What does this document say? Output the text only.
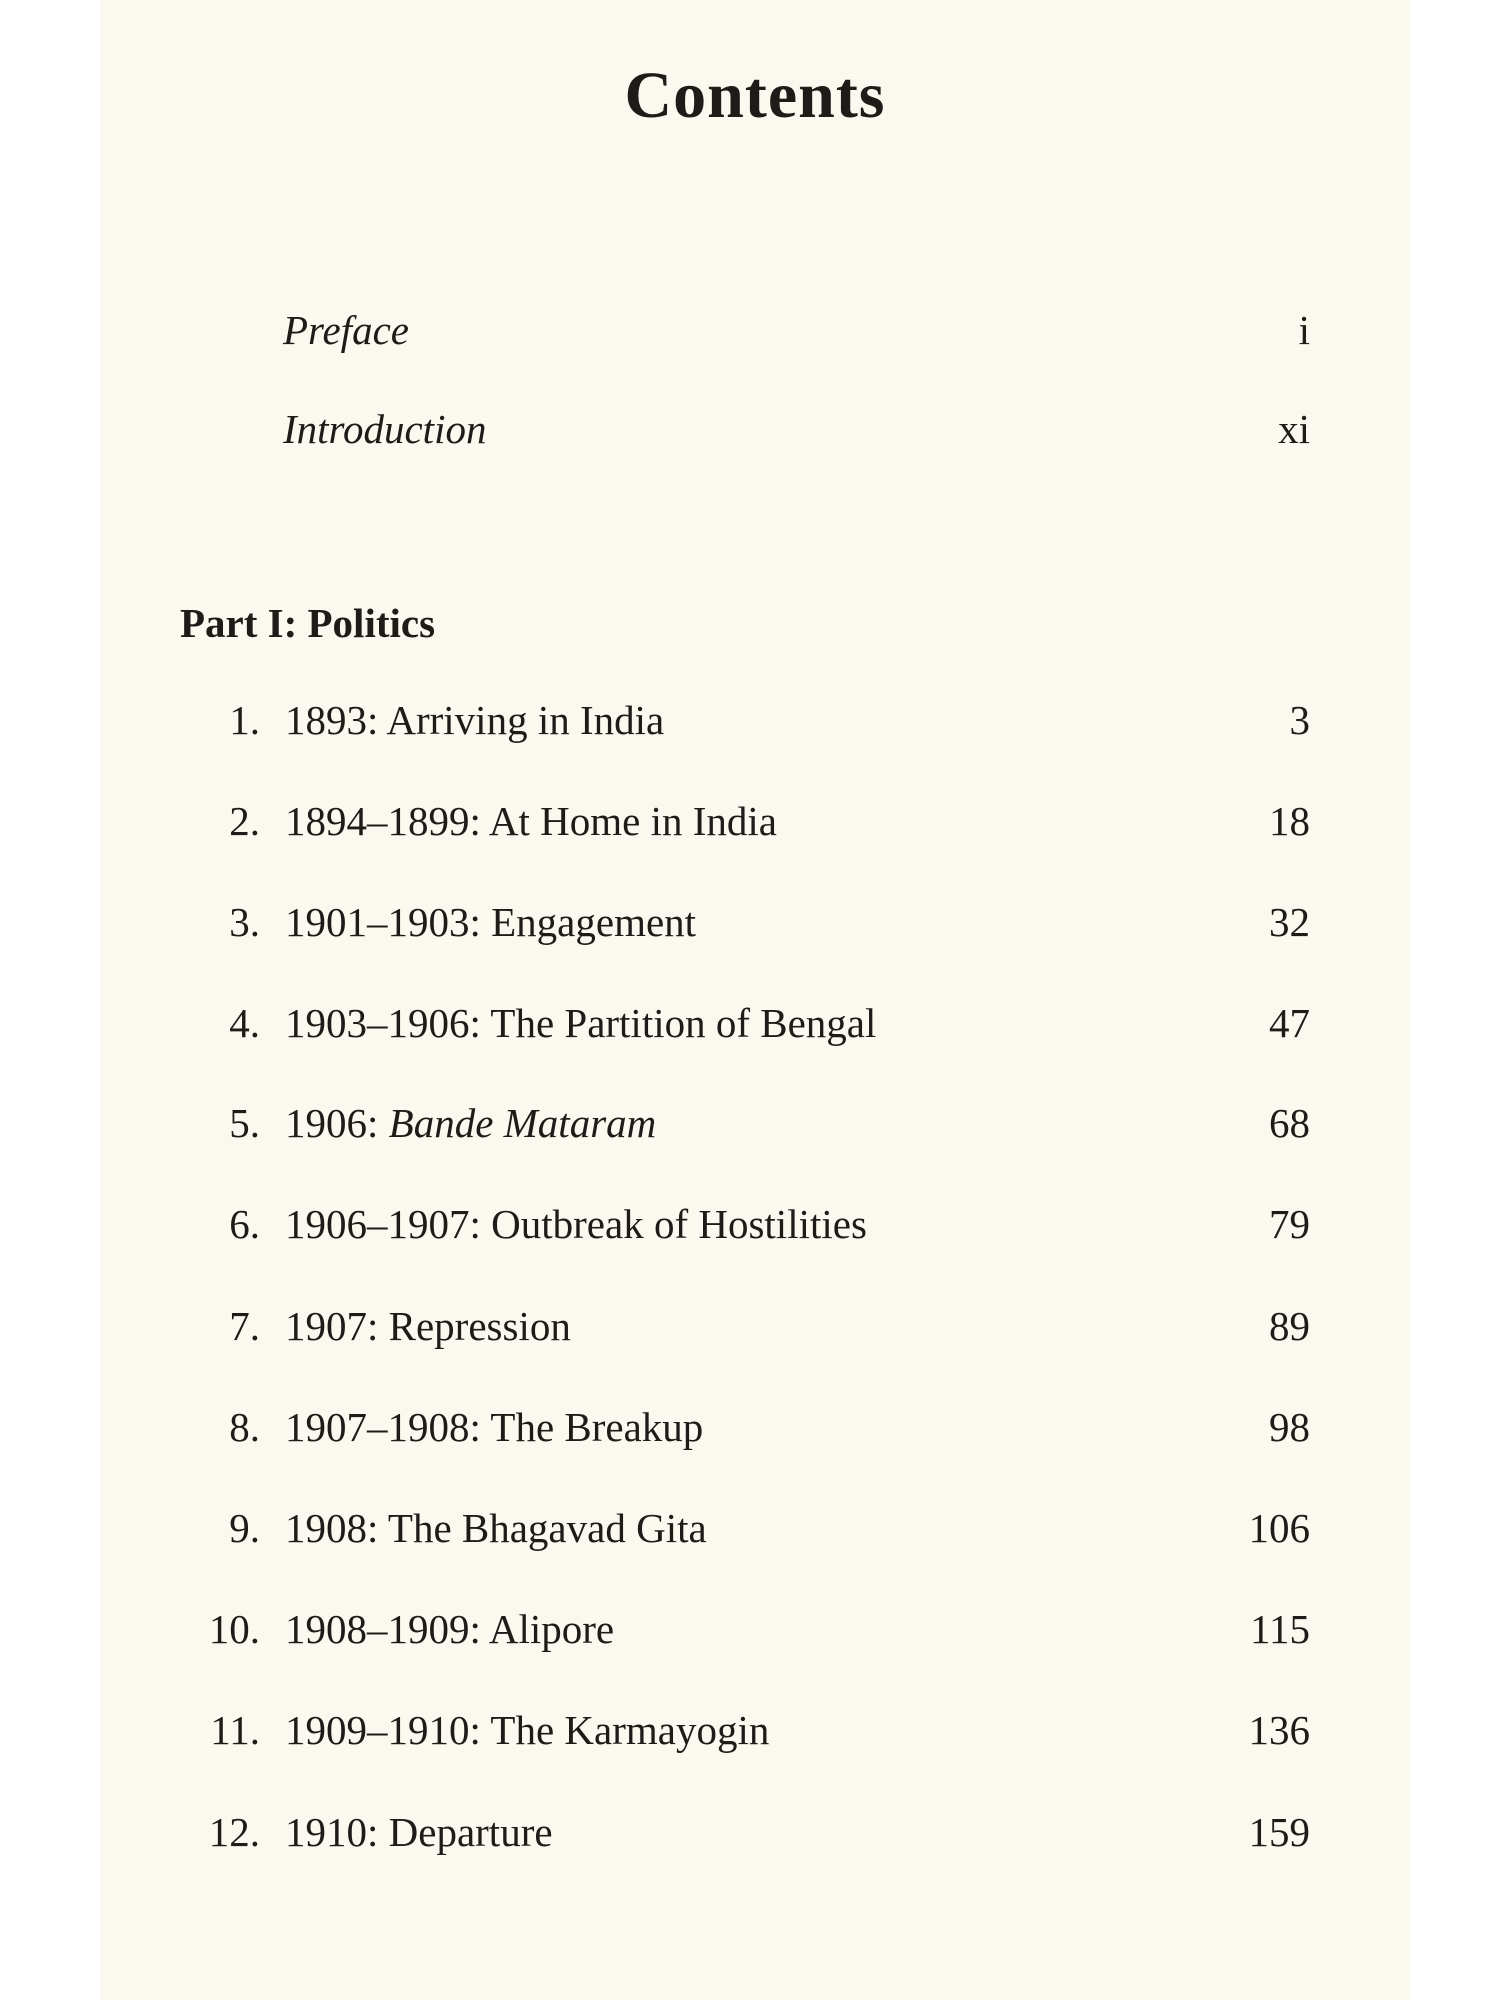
Contents
Preface	i
Introduction	xi
Part I: Politics
1. 1893: Arriving in India	3
2. 1894–1899: At Home in India	18
3. 1901–1903: Engagement	32
4. 1903–1906: The Partition of Bengal	47
5. 1906: Bande Mataram	68
6. 1906–1907: Outbreak of Hostilities	79
7. 1907: Repression	89
8. 1907–1908: The Breakup	98
9. 1908: The Bhagavad Gita	106
10. 1908–1909: Alipore	115
11. 1909–1910: The Karmayogin	136
12. 1910: Departure	159
